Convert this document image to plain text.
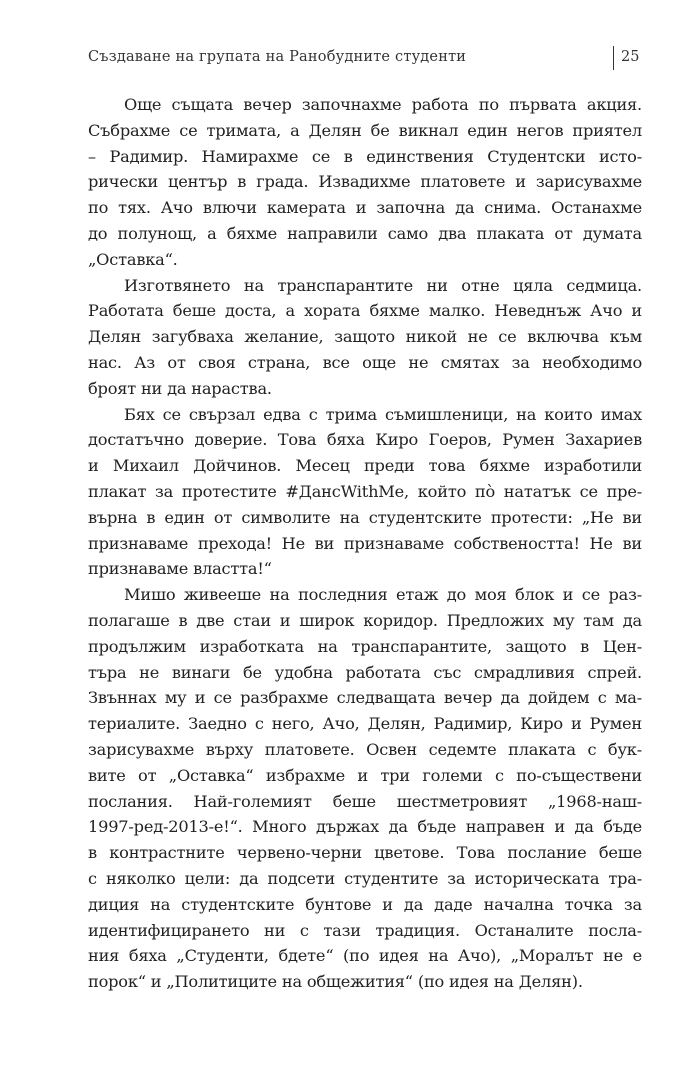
Създаване на групата на Ранобудните студенти	25
Още същата вечер започнахме работа по първата акция.
Събрахме се тримата, а Делян бе викнал един негов приятел
– Радимир. Намирахме се в единствения Студентски исто-
рически център в града. Извадихме платовете и зарисувахме
по тях. Ачо влючи камерата и започна да снима. Останахме
до полунощ, а бяхме направили само два плаката от думата
„Оставка“.
Изготвянето на транспарантите ни отне цяла седмица.
Работата беше доста, а хората бяхме малко. Неведнъж Ачо и
Делян загубваха желание, защото никой не се включва към
нас. Аз от своя страна, все още не смятах за необходимо
броят ни да нараства.
Бях се свързал едва с трима съмишленици, на които имах
достатъчно доверие. Това бяха Киро Гоеров, Румен Захариев
и Михаил Дойчинов. Месец преди това бяхме изработили
плакат за протестите #ДансWithMe, който пò нататък се пре-
върна в един от символите на студентските протести: „Не ви
признаваме прехода! Не ви признаваме собствеността! Не ви
признаваме властта!“
Мишо живееше на последния етаж до моя блок и се раз-
полагаше в две стаи и широк коридор. Предложих му там да
продължим изработката на транспарантите, защото в Цен-
търа не винаги бе удобна работата със смрадливия спрей.
Звъннах му и се разбрахме следващата вечер да дойдем с ма-
териалите. Заедно с него, Ачо, Делян, Радимир, Киро и Румен
зарисувахме върху платовете. Освен седемте плаката с бук-
вите от „Оставка“ избрахме и три големи с по-съществени
послания. Най-големият беше шестметровият „1968-наш-
1997-ред-2013-е!“. Много държах да бъде направен и да бъде
в контрастните червено-черни цветове. Това послание беше
с няколко цели: да подсети студентите за историческата тра-
диция на студентските бунтове и да даде начална точка за
идентифицирането ни с тази традиция. Останалите посла-
ния бяха „Студенти, бдете“ (по идея на Ачо), „Моралът не е
порок“ и „Политиците на общежития“ (по идея на Делян).
